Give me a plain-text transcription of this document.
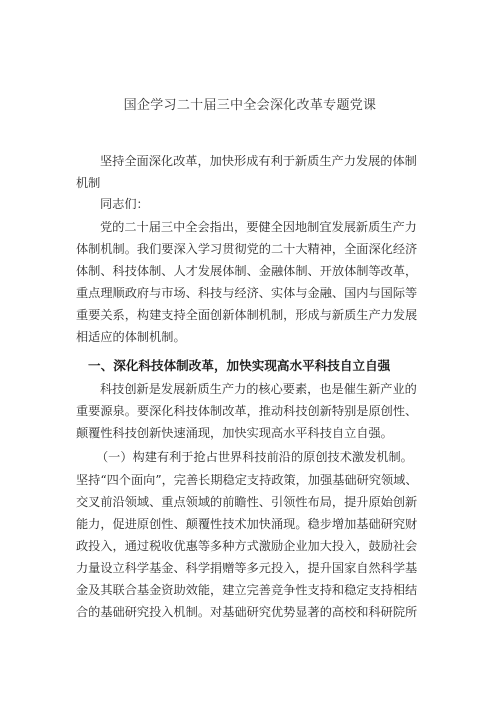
国企学习二十届三中全会深化改革专题党课
坚持全面深化改革，加快形成有利于新质生产力发展的体制
机制
同志们：
党的二十届三中全会指出，要健全因地制宜发展新质生产力
体制机制。我们要深入学习贯彻党的二十大精神，全面深化经济
体制、科技体制、人才发展体制、金融体制、开放体制等改革，
重点理顺政府与市场、科技与经济、实体与金融、国内与国际等
重要关系，构建支持全面创新体制机制，形成与新质生产力发展
相适应的体制机制。
一、深化科技体制改革，加快实现高水平科技自立自强
科技创新是发展新质生产力的核心要素，也是催生新产业的
重要源泉。要深化科技体制改革，推动科技创新特别是原创性、
颠覆性科技创新快速涌现，加快实现高水平科技自立自强。
（一）构建有利于抢占世界科技前沿的原创技术激发机制。
坚持“四个面向”，完善长期稳定支持政策，加强基础研究领域、
交叉前沿领域、重点领域的前瞻性、引领性布局，提升原始创新
能力，促进原创性、颠覆性技术加快涌现。稳步增加基础研究财
政投入，通过税收优惠等多种方式激励企业加大投入，鼓励社会
力量设立科学基金、科学捐赠等多元投入，提升国家自然科学基
金及其联合基金资助效能，建立完善竞争性支持和稳定支持相结
合的基础研究投入机制。对基础研究优势显著的高校和科研院所
